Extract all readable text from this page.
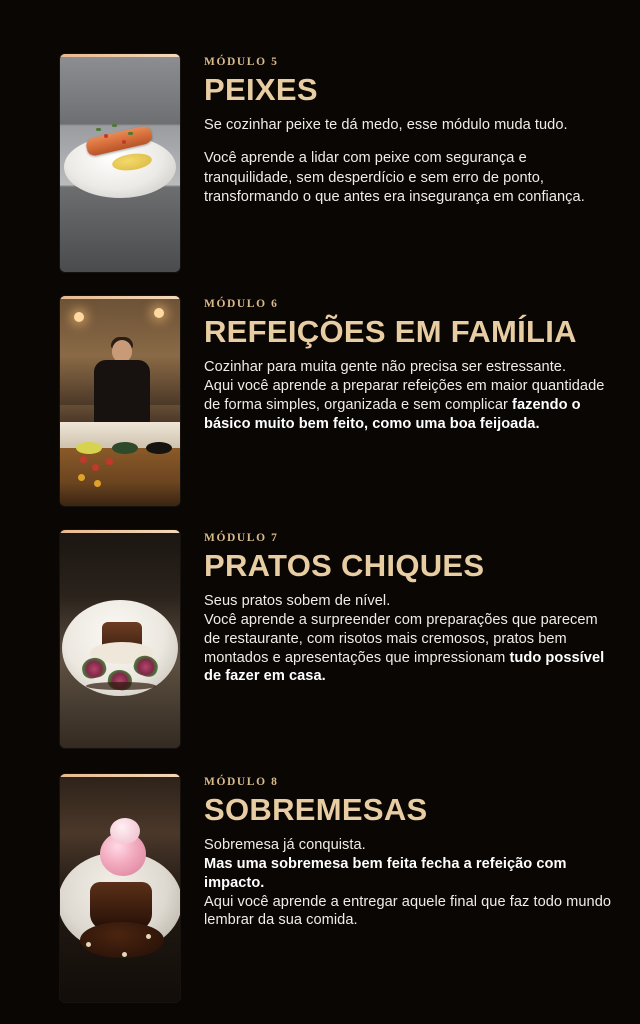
MÓDULO 5

PEIXES

Se cozinhar peixe te dá medo, esse módulo muda tudo.

Você aprende a lidar com peixe com segurança e tranquilidade, sem desperdício e sem erro de ponto, transformando o que antes era insegurança em confiança.

MÓDULO 6

REFEIÇÕES EM FAMÍLIA

Cozinhar para muita gente não precisa ser estressante.
Aqui você aprende a preparar refeições em maior quantidade de forma simples, organizada e sem complicar fazendo o básico muito bem feito, como uma boa feijoada.

MÓDULO 7

PRATOS CHIQUES

Seus pratos sobem de nível.
Você aprende a surpreender com preparações que parecem de restaurante, com risotos mais cremosos, pratos bem montados e apresentações que impressionam tudo possível de fazer em casa.

MÓDULO 8

SOBREMESAS

Sobremesa já conquista.
Mas uma sobremesa bem feita fecha a refeição com impacto.
Aqui você aprende a entregar aquele final que faz todo mundo lembrar da sua comida.
